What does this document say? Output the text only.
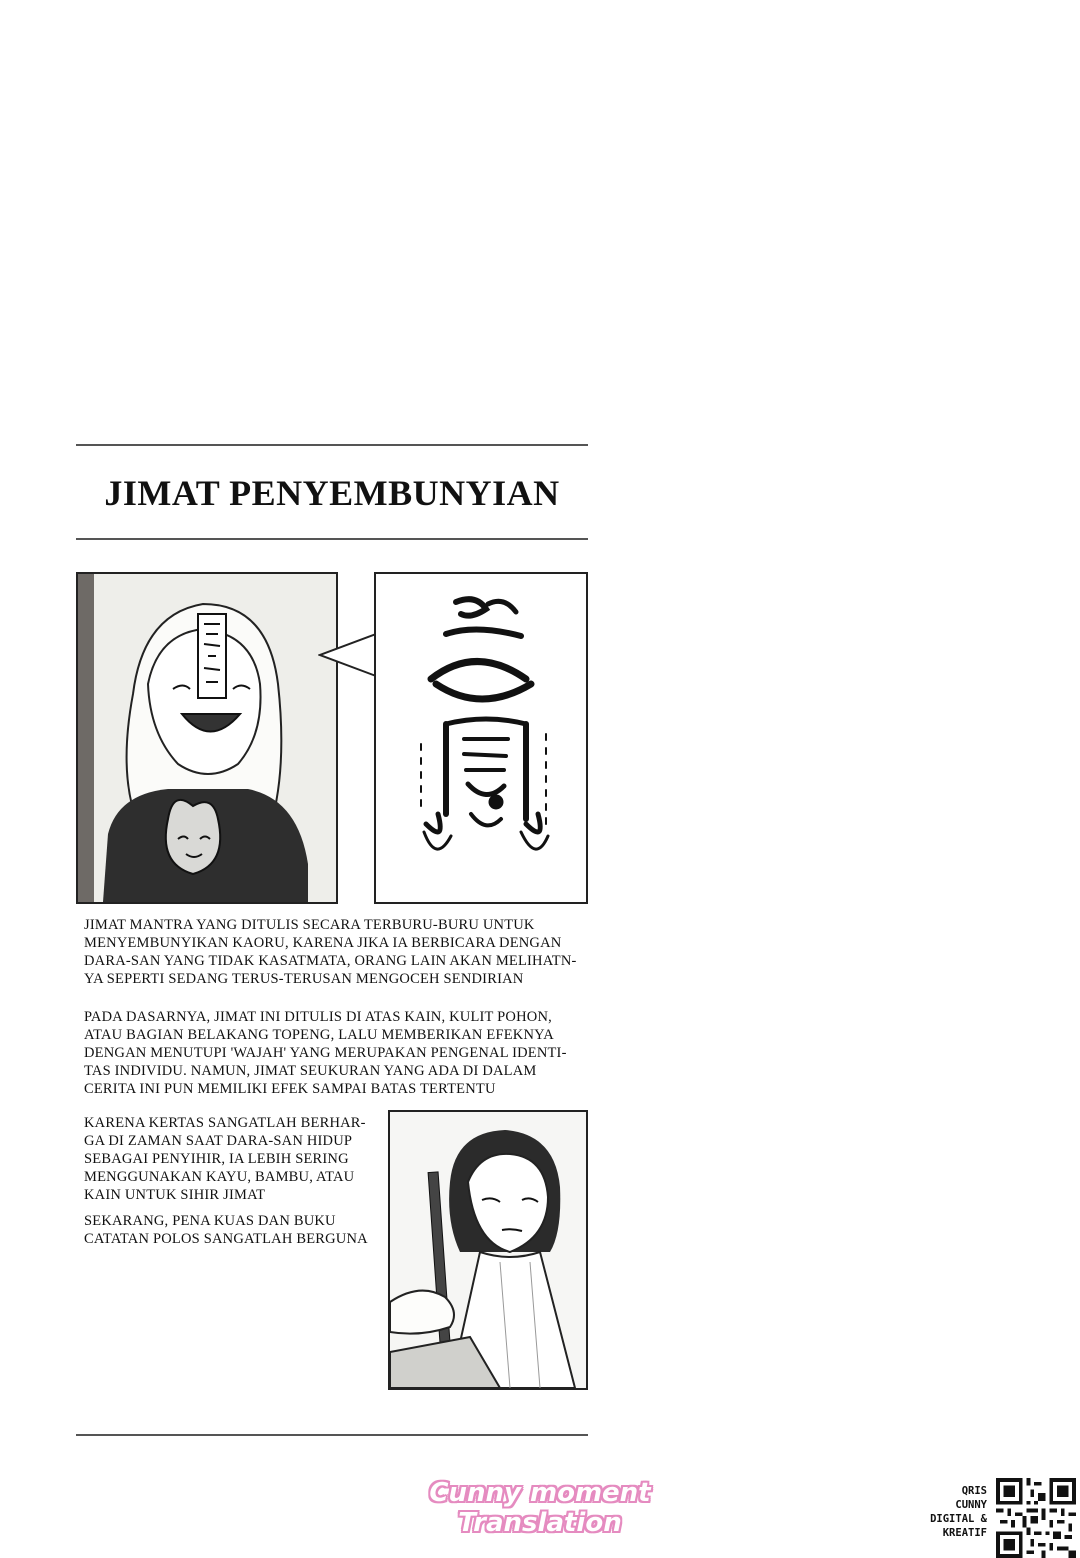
JIMAT PENYEMBUNYIAN
JIMAT MANTRA YANG DITULIS SECARA TERBURU-BURU UNTUK
MENYEMBUNYIKAN KAORU, KARENA JIKA IA BERBICARA DENGAN
DARA-SAN YANG TIDAK KASATMATA, ORANG LAIN AKAN MELIHATN-
YA SEPERTI SEDANG TERUS-TERUSAN MENGOCEH SENDIRIAN
PADA DASARNYA, JIMAT INI DITULIS DI ATAS KAIN, KULIT POHON,
ATAU BAGIAN BELAKANG TOPENG, LALU MEMBERIKAN EFEKNYA
DENGAN MENUTUPI 'WAJAH' YANG MERUPAKAN PENGENAL IDENTI-
TAS INDIVIDU. NAMUN, JIMAT SEUKURAN YANG ADA DI DALAM
CERITA INI PUN MEMILIKI EFEK SAMPAI BATAS TERTENTU
KARENA KERTAS SANGATLAH BERHAR-
GA DI ZAMAN SAAT DARA-SAN HIDUP
SEBAGAI PENYIHIR, IA LEBIH SERING
MENGGUNAKAN KAYU, BAMBU, ATAU
KAIN UNTUK SIHIR JIMAT
SEKARANG, PENA KUAS DAN BUKU
CATATAN POLOS SANGATLAH BERGUNA
Cunny moment
Translation
QRIS
CUNNY
DIGITAL &
KREATIF
